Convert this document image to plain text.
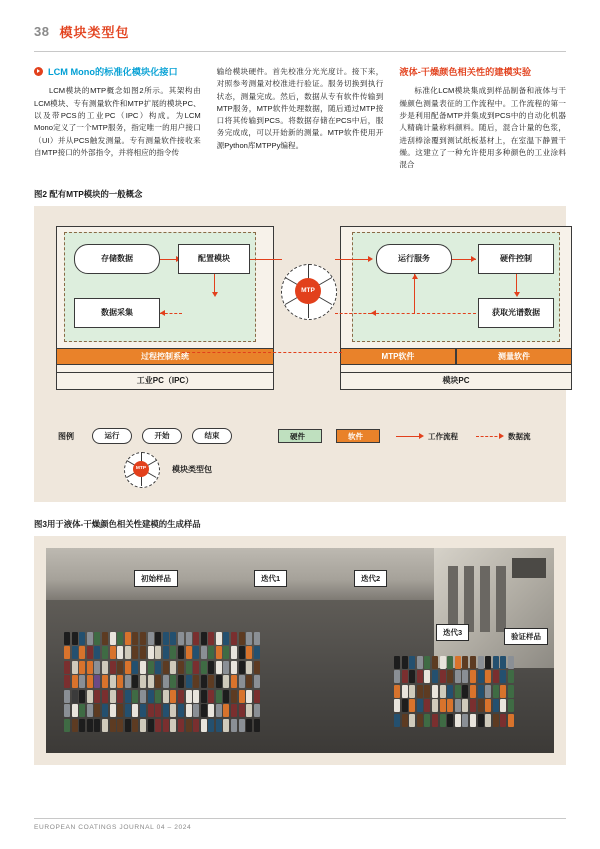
38 模块类型包
LCM Mono的标准化模块化接口

LCM模块的MTP概念如图2所示。其架构由LCM模块、专有测量软件和MTP扩展的模块PC、以及带PCS的工业PC（IPC）构成。为LCM Mono定义了一个MTP服务，指定唯一的用户接口（UI）并从PCS触发测量。专有测量软件接收来自MTP接口的外部指令，并将相应的指令传

输给模块硬件。首先校准分光光度计。接下来，对照参考测量对校准进行验证。服务切换到执行状态，测量完成。然后，数据从专有软件传输到MTP服务，MTP软件处理数据，随后通过MTP接口将其传输到PCS。将数据存储在PCS中后，服务完成成，可以开始新的测量。MTP软件使用开源Python库MTPPy编程。

液体-干燥颜色相关性的建模实验

标准化LCM模块集成到样品制备和液体与干燥颜色测量表征的工作流程中。工作流程的第一步是利用配备MTP并集成到PCS中的自动化机器人精确计量称料颜料。随后，混合计量的色浆，进刮棒涂覆到测试纸板基材上，在室温下静置干燥。这建立了一种允许使用多种颜色的工业涂料混合

图2 配有MTP模块的一般概念
过程控制系统	MTP软件	测量软件
MTP
存储数据	配置模块
数据采集
运行服务	硬件控制
获取光谱数据
工业PC（IPC）	模块PC
图例	运行	开始	结束	硬件	软件	工作流程	数据流
MTP	模块类型包
图3用于液体-干燥颜色相关性建模的生成样品
初始样品	迭代1	迭代2
迭代3	验证样品
EUROPEAN COATINGS JOURNAL 04 – 2024
